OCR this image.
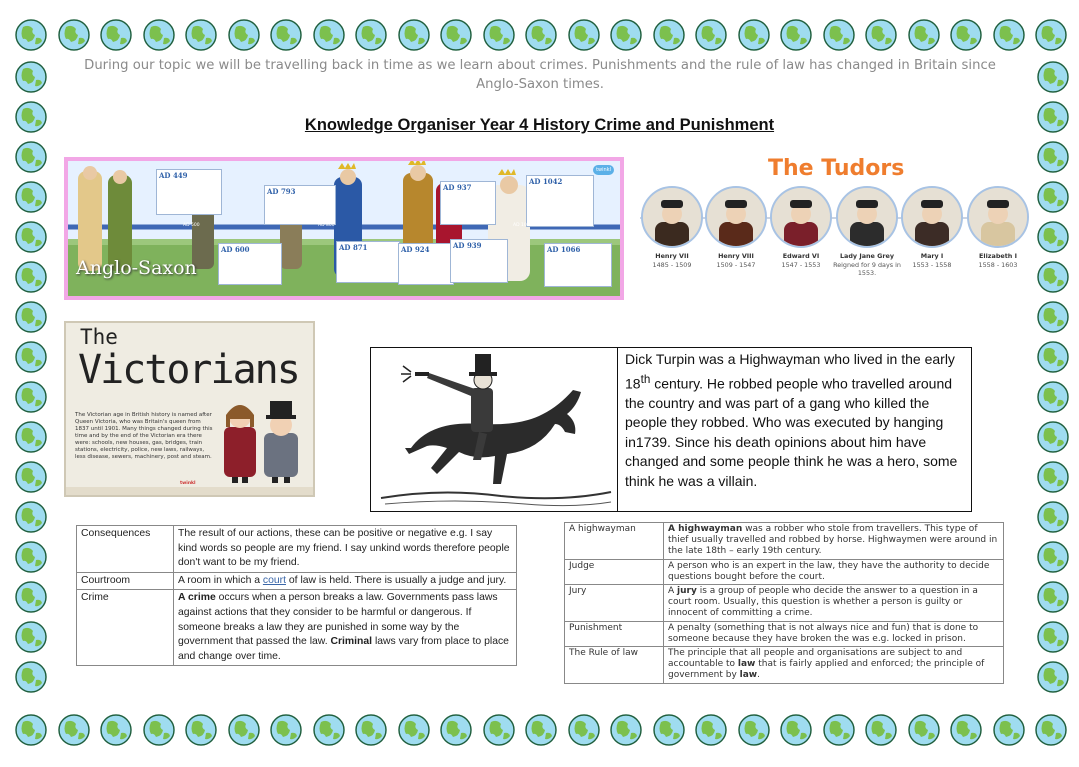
During our topic we will be travelling back in time as we learn about crimes. Punishments and the rule of law has changed in Britain since Anglo-Saxon times.
Knowledge Organiser Year 4 History Crime and Punishment
twinkl
AD 449
AD 600
AD 793
AD 871	AD 924
AD 937
AD 939
AD 1042
AD 1066
AD 500	AD 800	AD 1000
Anglo-Saxon
The Tudors
Henry VII
1485 - 1509
Henry VIII
1509 - 1547
Edward VI
1547 - 1553
Lady Jane Grey
Reigned for 9 days in 1553.
Mary I
1553 - 1558
Elizabeth I
1558 - 1603
The
Victorians
The Victorian age in British history is named after Queen Victoria, who was Britain's queen from 1837 until 1901. Many things changed during this time and by the end of the Victorian era there were: schools, new houses, gas, bridges, train stations, electricity, police, new laws, railways, less disease, sewers, machinery, post and steam.
twinkl
Dick Turpin was a Highwayman who lived in the early 18th century. He robbed people who travelled around the country and was part of a gang who killed the people they robbed. Who was executed by hanging in1739. Since his death opinions about him have changed and some people think he was a hero, some think he was a villain.
Consequences	The result of our actions, these can be positive or negative e.g. I say kind words so people are my friend. I say unkind words therefore people don't want to be my friend.
Courtroom	A room in which a court of law is held. There is usually a judge and jury.
Crime	A crime occurs when a person breaks a law. Governments pass laws against actions that they consider to be harmful or dangerous. If someone breaks a law they are punished in some way by the government that passed the law. Criminal laws vary from place to place and change over time.
A highwayman	A highwayman was a robber who stole from travellers. This type of thief usually travelled and robbed by horse. Highwaymen were around in the late 18th – early 19th century.
Judge	A person who is an expert in the law, they have the authority to decide questions bought before the court.
Jury	A jury is a group of people who decide the answer to a question in a court room. Usually, this question is whether a person is guilty or innocent of committing a crime.
Punishment	A penalty (something that is not always nice and fun) that is done to someone because they have broken the was e.g. locked in prison.
The Rule of law	The principle that all people and organisations are subject to and accountable to law that is fairly applied and enforced; the principle of government by law.
